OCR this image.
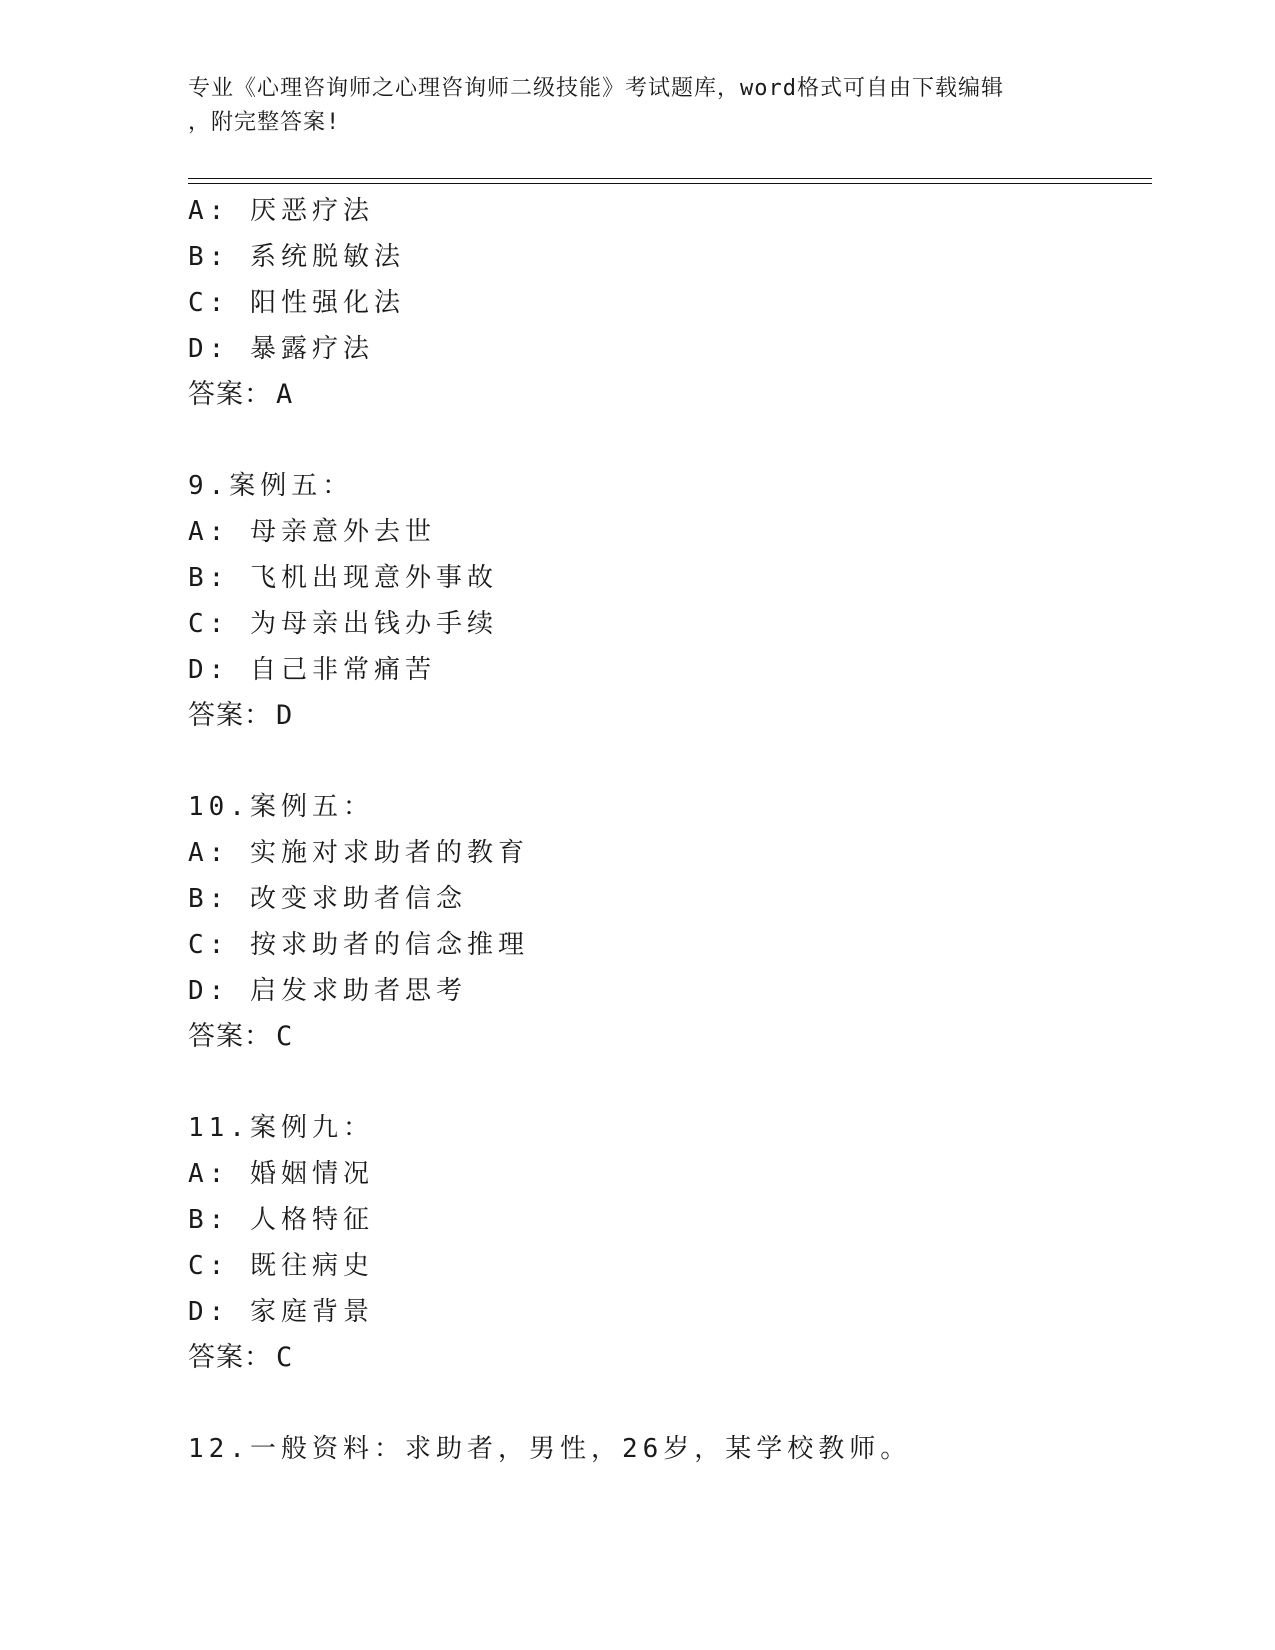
专业《心理咨询师之心理咨询师二级技能》考试题库，word格式可自由下载编辑
，附完整答案!
A: 厌恶疗法
B: 系统脱敏法
C: 阳性强化法
D: 暴露疗法
答案： A
9.案例五：
A: 母亲意外去世
B: 飞机出现意外事故
C: 为母亲出钱办手续
D: 自己非常痛苦
答案： D
10.案例五：
A: 实施对求助者的教育
B: 改变求助者信念
C: 按求助者的信念推理
D: 启发求助者思考
答案： C
11.案例九：
A: 婚姻情况
B: 人格特征
C: 既往病史
D: 家庭背景
答案： C
12.一般资料：求助者，男性，26岁，某学校教师。
